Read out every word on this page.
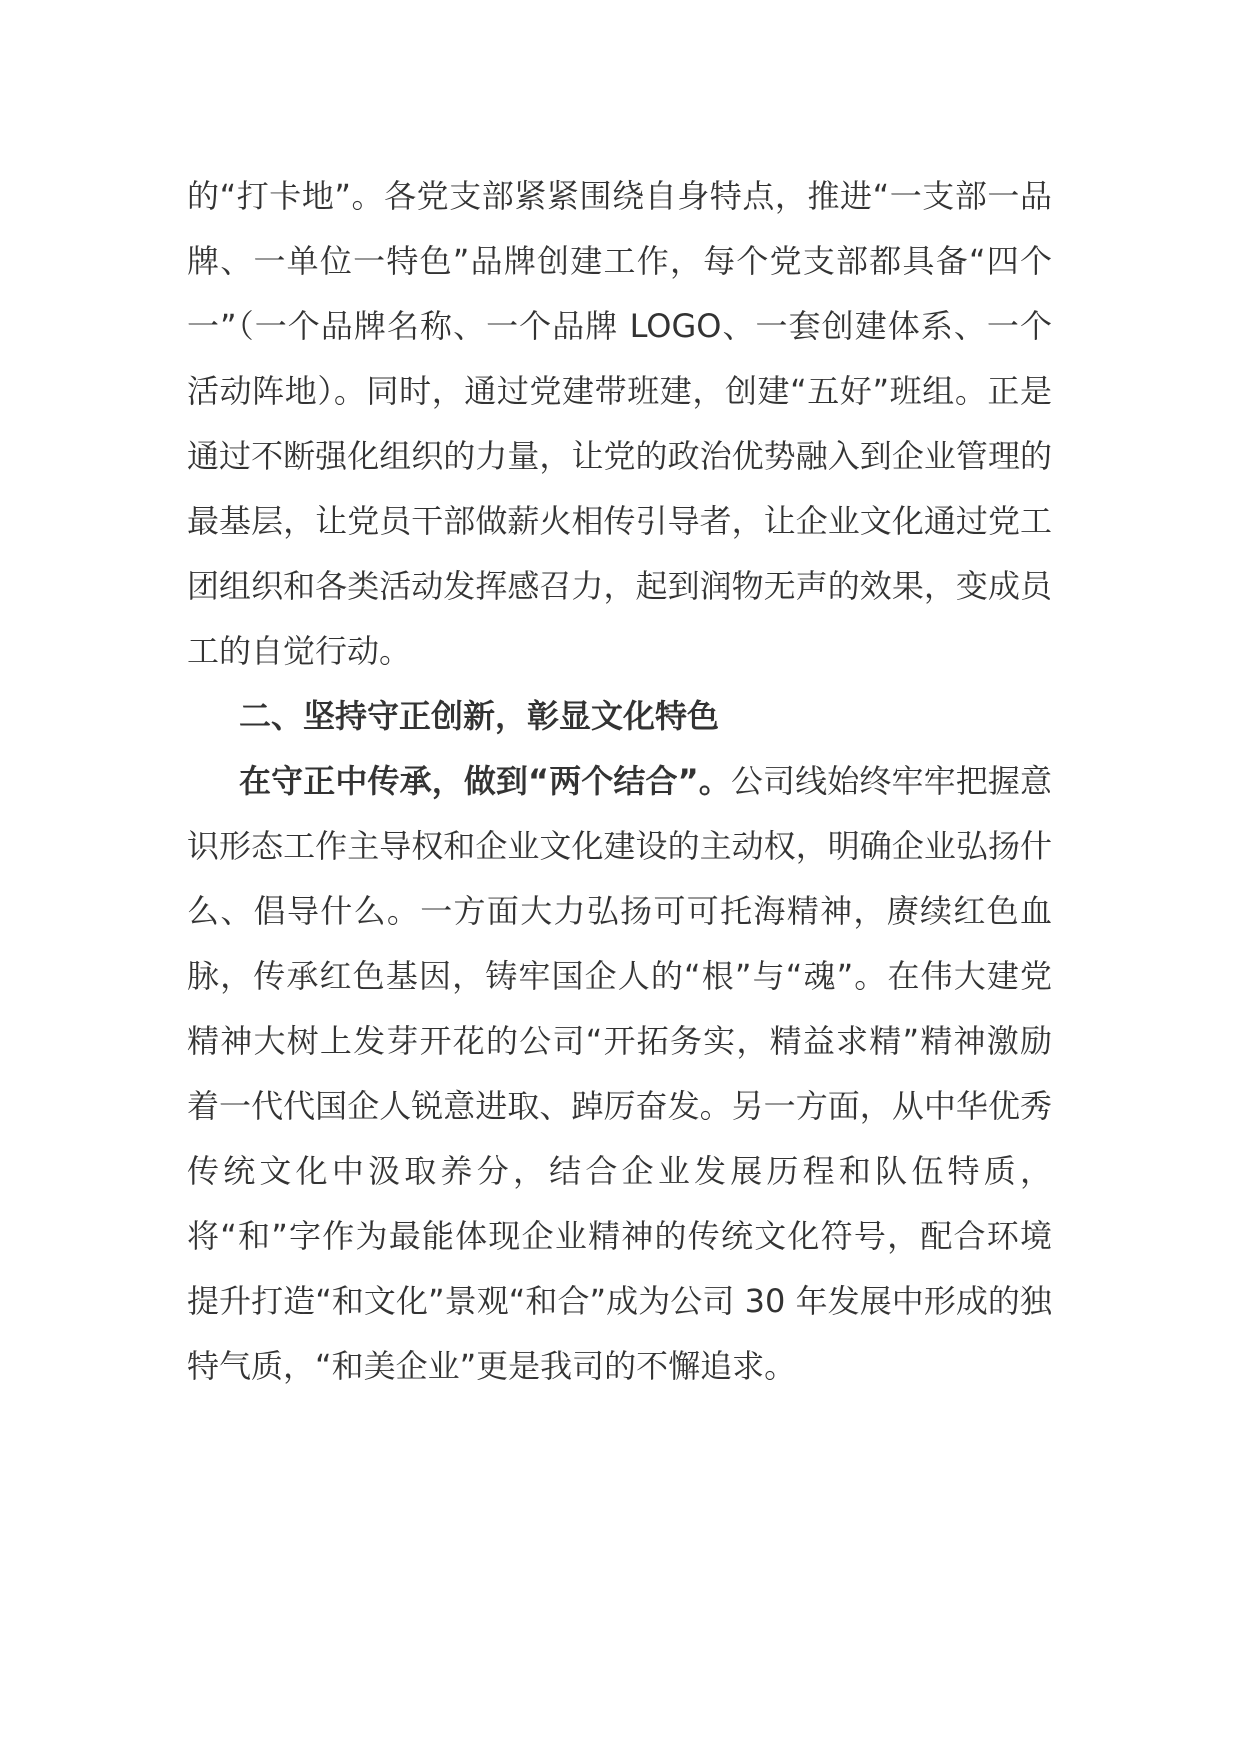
的“打卡地”。各党支部紧紧围绕自身特点，推进“一支部一品牌、一单位一特色”品牌创建工作，每个党支部都具备“四个一”（一个品牌名称、一个品牌 LOGO、一套创建体系、一个活动阵地）。同时，通过党建带班建，创建“五好”班组。正是通过不断强化组织的力量，让党的政治优势融入到企业管理的最基层，让党员干部做薪火相传引导者，让企业文化通过党工团组织和各类活动发挥感召力，起到润物无声的效果，变成员工的自觉行动。

二、坚持守正创新，彰显文化特色

在守正中传承，做到“两个结合”。公司线始终牢牢把握意识形态工作主导权和企业文化建设的主动权，明确企业弘扬什么、倡导什么。一方面大力弘扬可可托海精神，赓续红色血脉，传承红色基因，铸牢国企人的“根”与“魂”。在伟大建党精神大树上发芽开花的公司“开拓务实，精益求精”精神激励着一代代国企人锐意进取、踔厉奋发。另一方面，从中华优秀传统文化中汲取养分，结合企业发展历程和队伍特质，将“和”字作为最能体现企业精神的传统文化符号，配合环境提升打造“和文化”景观“和合”成为公司 30 年发展中形成的独特气质，“和美企业”更是我司的不懈追求。
